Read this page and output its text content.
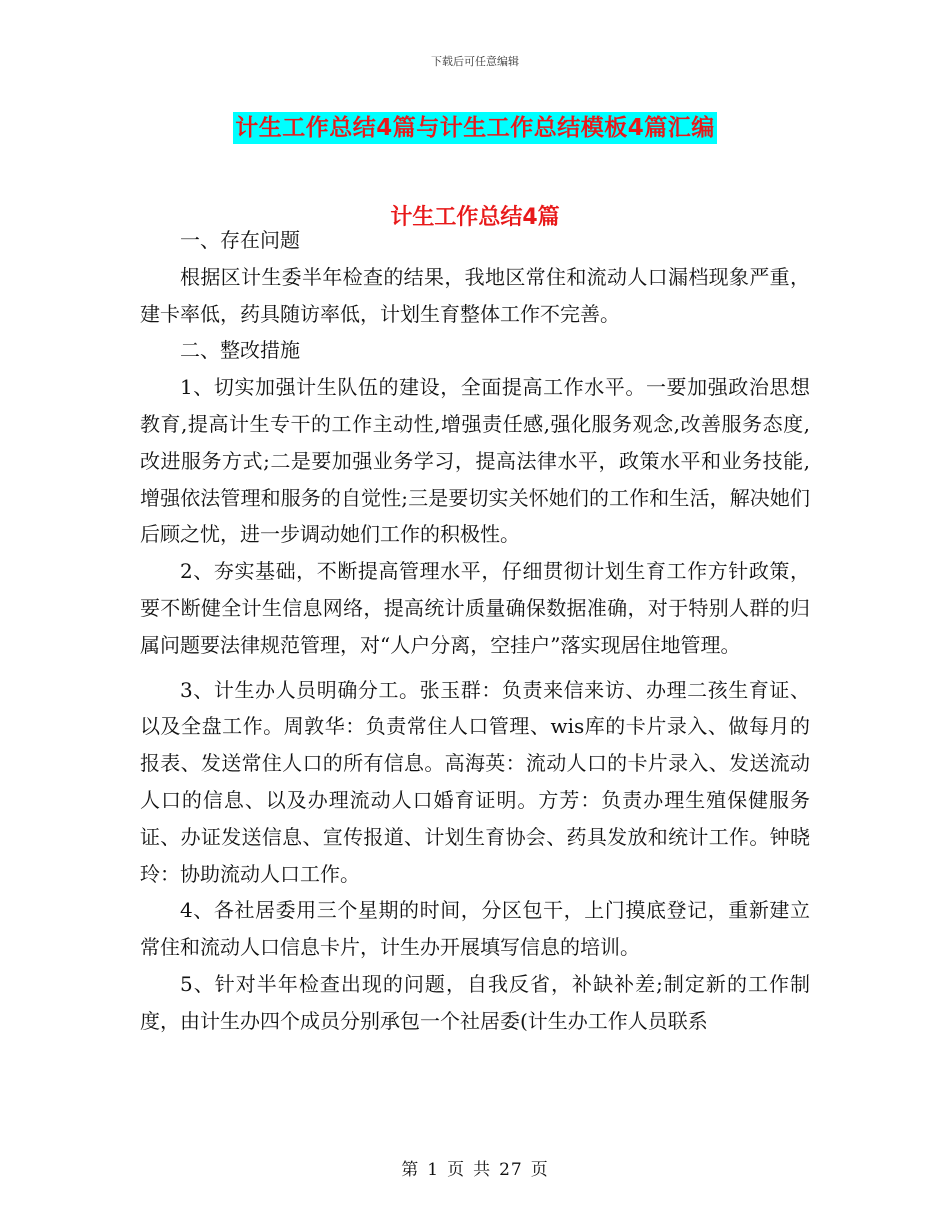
下载后可任意编辑
计生工作总结4篇与计生工作总结模板4篇汇编
计生工作总结4篇

一、存在问题

根据区计生委半年检查的结果，我地区常住和流动人口漏档现象严重，建卡率低，药具随访率低，计划生育整体工作不完善。

二、整改措施

1、切实加强计生队伍的建设，全面提高工作水平。一要加强政治思想教育,提高计生专干的工作主动性,增强责任感,强化服务观念,改善服务态度,改进服务方式;二是要加强业务学习，提高法律水平，政策水平和业务技能,增强依法管理和服务的自觉性;三是要切实关怀她们的工作和生活，解决她们后顾之忧，进一步调动她们工作的积极性。

2、夯实基础，不断提高管理水平，仔细贯彻计划生育工作方针政策，要不断健全计生信息网络，提高统计质量确保数据准确，对于特别人群的归属问题要法律规范管理，对“人户分离，空挂户”落实现居住地管理。

3、计生办人员明确分工。张玉群：负责来信来访、办理二孩生育证、以及全盘工作。周敦华：负责常住人口管理、wis库的卡片录入、做每月的报表、发送常住人口的所有信息。高海英：流动人口的卡片录入、发送流动人口的信息、以及办理流动人口婚育证明。方芳：负责办理生殖保健服务证、办证发送信息、宣传报道、计划生育协会、药具发放和统计工作。钟晓玲：协助流动人口工作。

4、各社居委用三个星期的时间，分区包干，上门摸底登记，重新建立常住和流动人口信息卡片，计生办开展填写信息的培训。

5、针对半年检查出现的问题，自我反省，补缺补差;制定新的工作制度，由计生办四个成员分别承包一个社居委(计生办工作人员联系

第 1 页 共 27 页
